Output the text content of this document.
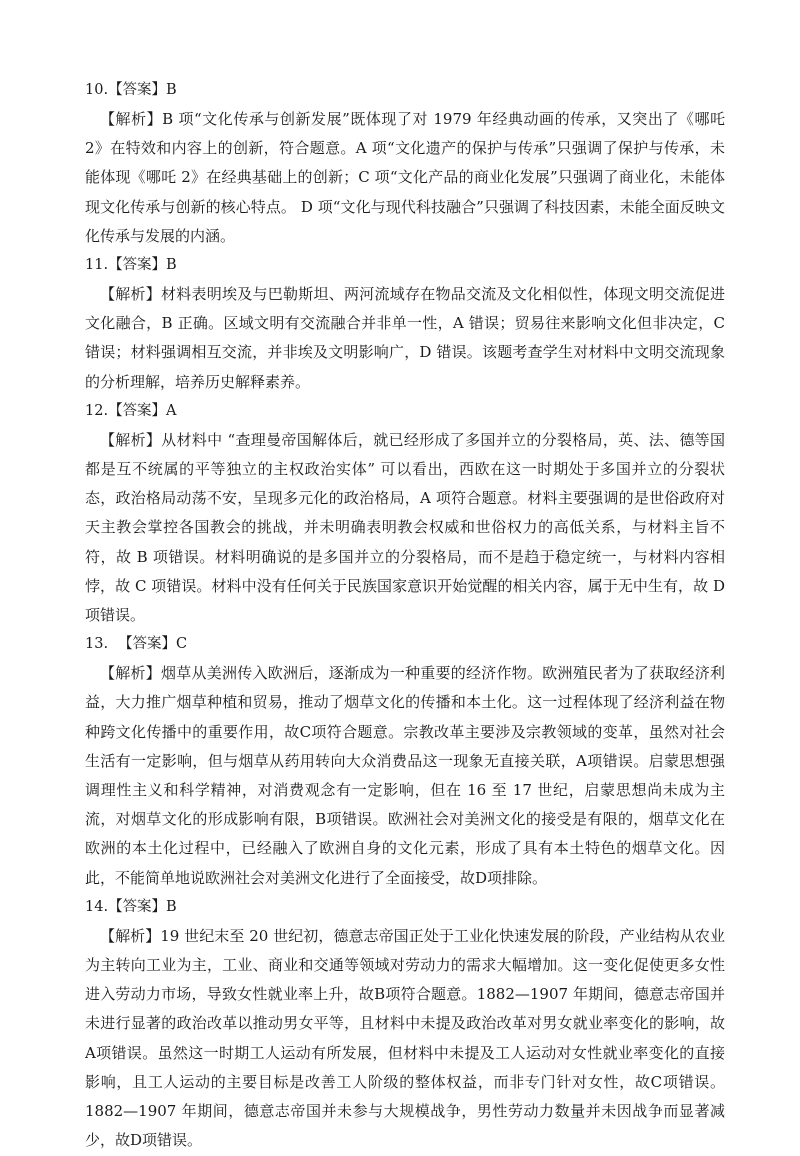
10.【答案】B

【解析】B 项“文化传承与创新发展”既体现了对 1979 年经典动画的传承，又突出了《哪吒 2》在特效和内容上的创新，符合题意。A 项“文化遗产的保护与传承”只强调了保护与传承，未能体现《哪吒 2》在经典基础上的创新；C 项“文化产品的商业化发展”只强调了商业化，未能体现文化传承与创新的核心特点。 D 项“文化与现代科技融合”只强调了科技因素，未能全面反映文化传承与发展的内涵。

11.【答案】B

【解析】材料表明埃及与巴勒斯坦、两河流域存在物品交流及文化相似性，体现文明交流促进文化融合，B 正确。区域文明有交流融合并非单一性，A 错误；贸易往来影响文化但非决定，C 错误；材料强调相互交流，并非埃及文明影响广，D 错误。该题考查学生对材料中文明交流现象的分析理解，培养历史解释素养。

12.【答案】A

【解析】从材料中 “查理曼帝国解体后，就已经形成了多国并立的分裂格局，英、法、德等国都是互不统属的平等独立的主权政治实体” 可以看出，西欧在这一时期处于多国并立的分裂状态，政治格局动荡不安，呈现多元化的政治格局，A 项符合题意。材料主要强调的是世俗政府对天主教会掌控各国教会的挑战，并未明确表明教会权威和世俗权力的高低关系，与材料主旨不符，故 B 项错误。材料明确说的是多国并立的分裂格局，而不是趋于稳定统一，与材料内容相悖，故 C 项错误。材料中没有任何关于民族国家意识开始觉醒的相关内容，属于无中生有，故 D 项错误。

13. 【答案】C

【解析】烟草从美洲传入欧洲后，逐渐成为一种重要的经济作物。欧洲殖民者为了获取经济利益，大力推广烟草种植和贸易，推动了烟草文化的传播和本土化。这一过程体现了经济利益在物种跨文化传播中的重要作用，故C项符合题意。宗教改革主要涉及宗教领域的变革，虽然对社会生活有一定影响，但与烟草从药用转向大众消费品这一现象无直接关联，A项错误。启蒙思想强调理性主义和科学精神，对消费观念有一定影响，但在 16 至 17 世纪，启蒙思想尚未成为主流，对烟草文化的形成影响有限，B项错误。欧洲社会对美洲文化的接受是有限的，烟草文化在欧洲的本土化过程中，已经融入了欧洲自身的文化元素，形成了具有本土特色的烟草文化。因此，不能简单地说欧洲社会对美洲文化进行了全面接受，故D项排除。

14.【答案】B

【解析】19 世纪末至 20 世纪初，德意志帝国正处于工业化快速发展的阶段，产业结构从农业为主转向工业为主，工业、商业和交通等领域对劳动力的需求大幅增加。这一变化促使更多女性进入劳动力市场，导致女性就业率上升，故B项符合题意。1882—1907 年期间，德意志帝国并未进行显著的政治改革以推动男女平等，且材料中未提及政治改革对男女就业率变化的影响，故A项错误。虽然这一时期工人运动有所发展，但材料中未提及工人运动对女性就业率变化的直接影响，且工人运动的主要目标是改善工人阶级的整体权益，而非专门针对女性，故C项错误。1882—1907 年期间，德意志帝国并未参与大规模战争，男性劳动力数量并未因战争而显著减少，故D项错误。
